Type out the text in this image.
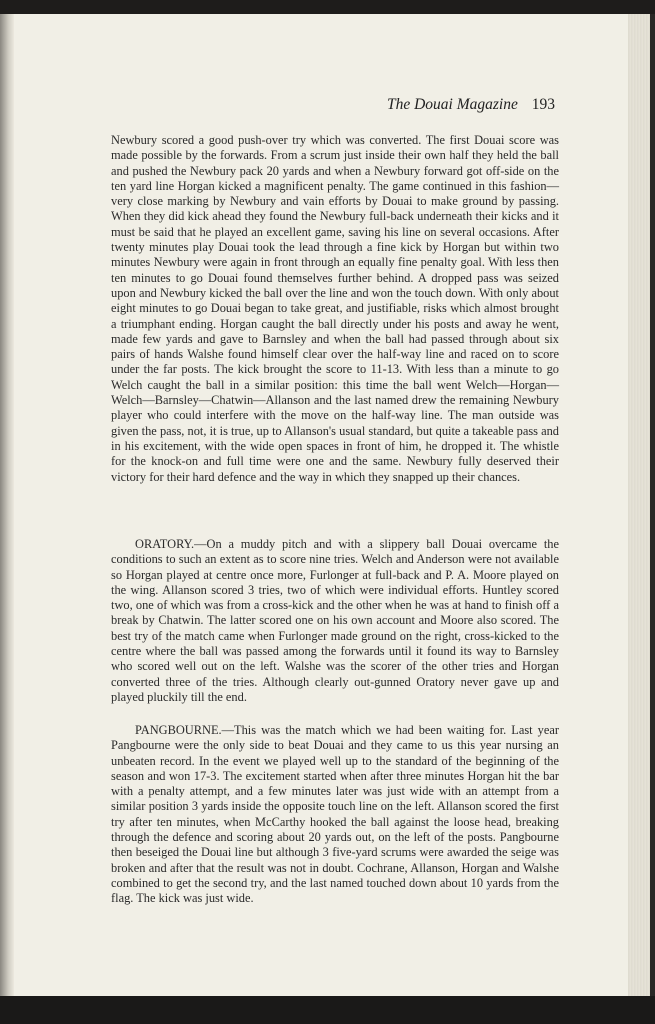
The Douai Magazine 193

Newbury scored a good push-over try which was converted. The first Douai score was made possible by the forwards. From a scrum just inside their own half they held the ball and pushed the Newbury pack 20 yards and when a Newbury forward got off-side on the ten yard line Horgan kicked a magnificent penalty. The game continued in this fashion—very close marking by Newbury and vain efforts by Douai to make ground by passing. When they did kick ahead they found the Newbury full-back underneath their kicks and it must be said that he played an excellent game, saving his line on several occasions. After twenty minutes play Douai took the lead through a fine kick by Horgan but within two minutes Newbury were again in front through an equally fine penalty goal. With less then ten minutes to go Douai found themselves further behind. A dropped pass was seized upon and Newbury kicked the ball over the line and won the touch down. With only about eight minutes to go Douai began to take great, and justifiable, risks which almost brought a triumphant ending. Horgan caught the ball directly under his posts and away he went, made few yards and gave to Barnsley and when the ball had passed through about six pairs of hands Walshe found himself clear over the half-way line and raced on to score under the far posts. The kick brought the score to 11-13. With less than a minute to go Welch caught the ball in a similar position: this time the ball went Welch—Horgan—Welch—Barnsley—Chatwin—Allanson and the last named drew the remaining Newbury player who could interfere with the move on the half-way line. The man outside was given the pass, not, it is true, up to Allanson's usual standard, but quite a takeable pass and in his excitement, with the wide open spaces in front of him, he dropped it. The whistle for the knock-on and full time were one and the same. Newbury fully deserved their victory for their hard defence and the way in which they snapped up their chances.

ORATORY.—On a muddy pitch and with a slippery ball Douai overcame the conditions to such an extent as to score nine tries. Welch and Anderson were not available so Horgan played at centre once more, Furlonger at full-back and P. A. Moore played on the wing. Allanson scored 3 tries, two of which were individual efforts. Huntley scored two, one of which was from a cross-kick and the other when he was at hand to finish off a break by Chatwin. The latter scored one on his own account and Moore also scored. The best try of the match came when Furlonger made ground on the right, cross-kicked to the centre where the ball was passed among the forwards until it found its way to Barnsley who scored well out on the left. Walshe was the scorer of the other tries and Horgan converted three of the tries. Although clearly out-gunned Oratory never gave up and played pluckily till the end.

PANGBOURNE.—This was the match which we had been waiting for. Last year Pangbourne were the only side to beat Douai and they came to us this year nursing an unbeaten record. In the event we played well up to the standard of the beginning of the season and won 17-3. The excitement started when after three minutes Horgan hit the bar with a penalty attempt, and a few minutes later was just wide with an attempt from a similar position 3 yards inside the opposite touch line on the left. Allanson scored the first try after ten minutes, when McCarthy hooked the ball against the loose head, breaking through the defence and scoring about 20 yards out, on the left of the posts. Pangbourne then beseiged the Douai line but although 3 five-yard scrums were awarded the seige was broken and after that the result was not in doubt. Cochrane, Allanson, Horgan and Walshe combined to get the second try, and the last named touched down about 10 yards from the flag. The kick was just wide.
